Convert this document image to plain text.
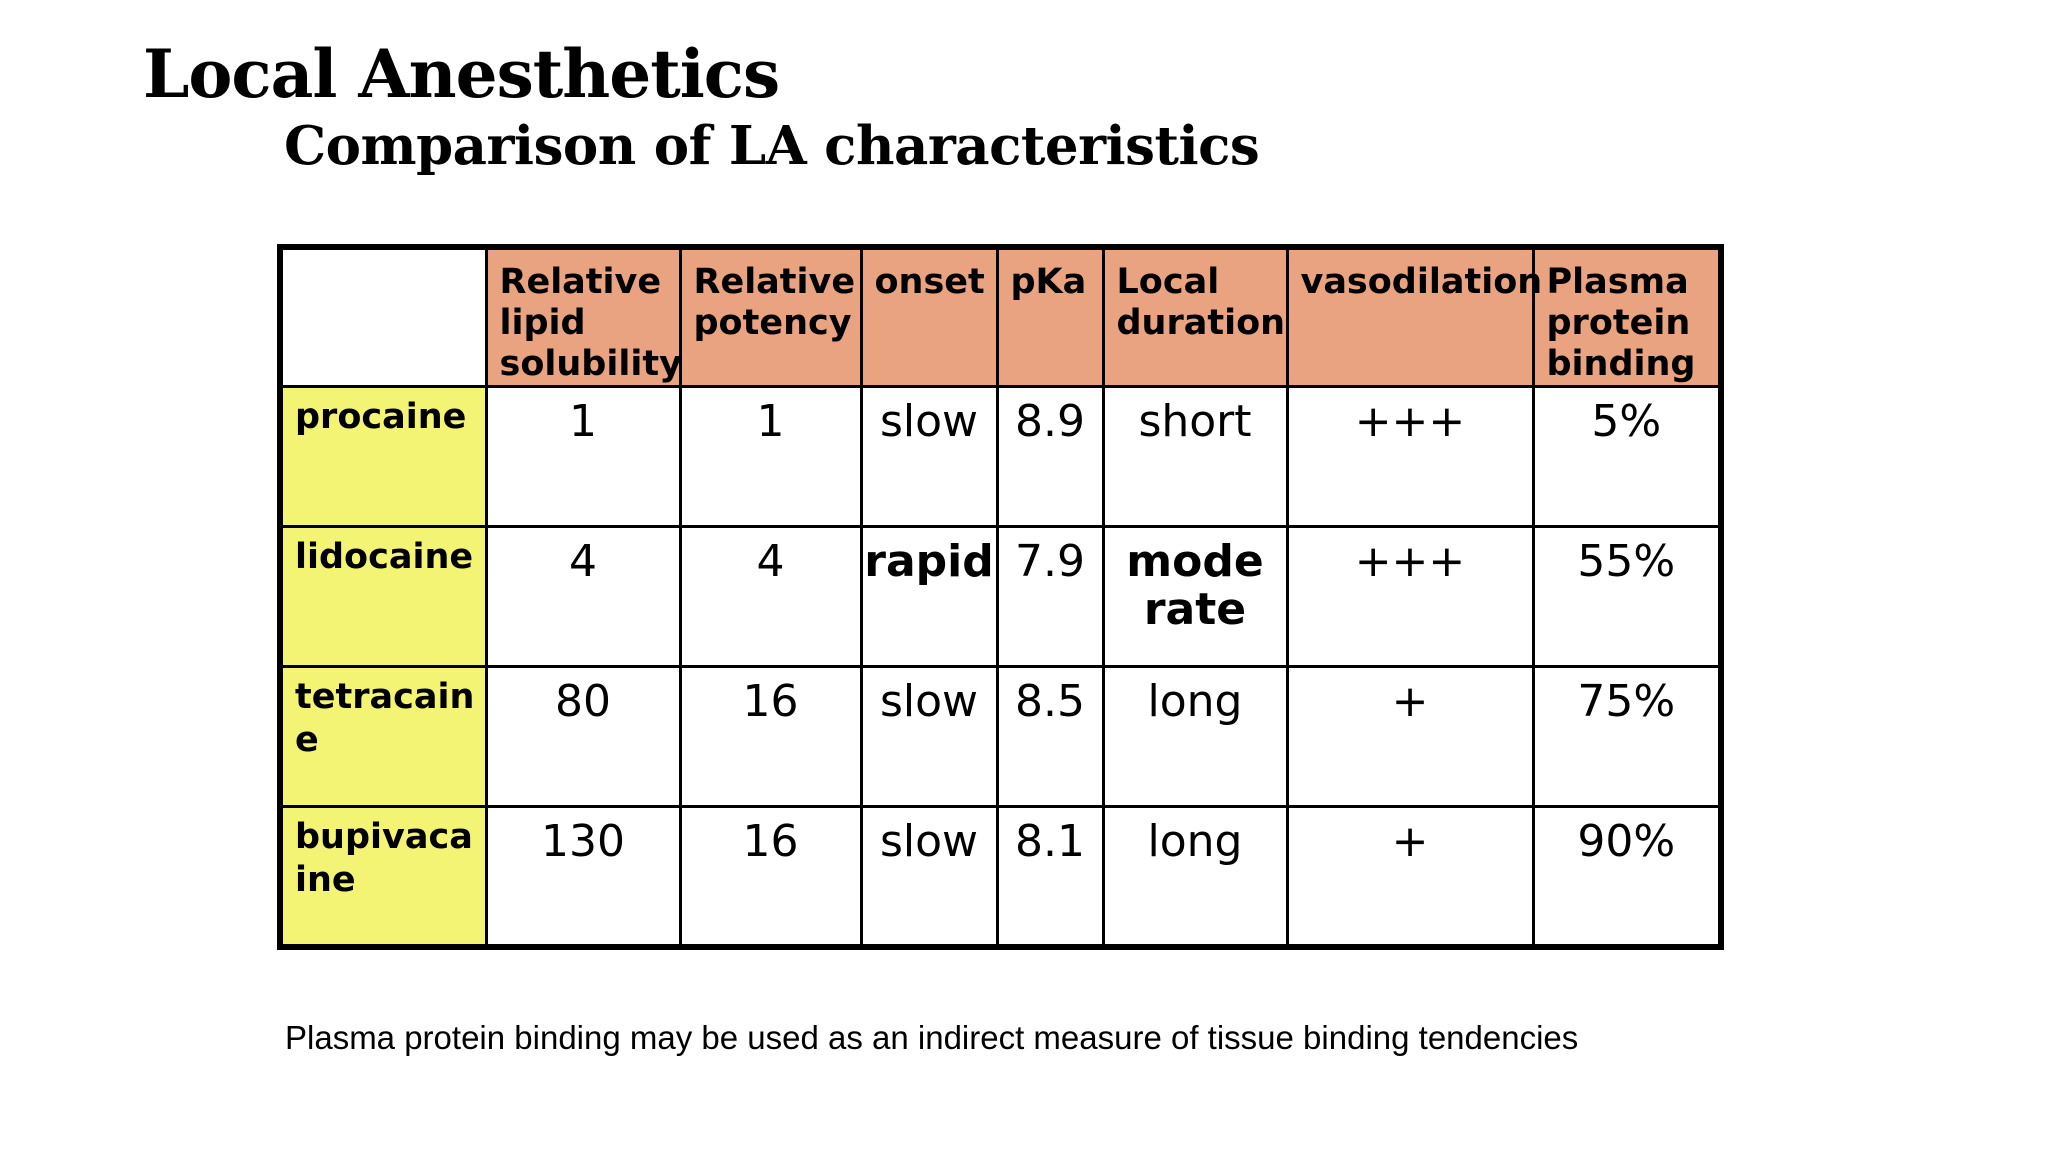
Local Anesthetics
Comparison of LA characteristics
	Relative lipid solubility	Relative potency	onset	pKa	Local duration	vasodilation	Plasma protein binding
procaine	1	1	slow	8.9	short	+++	5%
lidocaine	4	4	rapid	7.9	moderate	+++	55%
tetracaine	80	16	slow	8.5	long	+	75%
bupivacaine	130	16	slow	8.1	long	+	90%

Plasma protein binding may be used as an indirect measure of tissue binding tendencies
